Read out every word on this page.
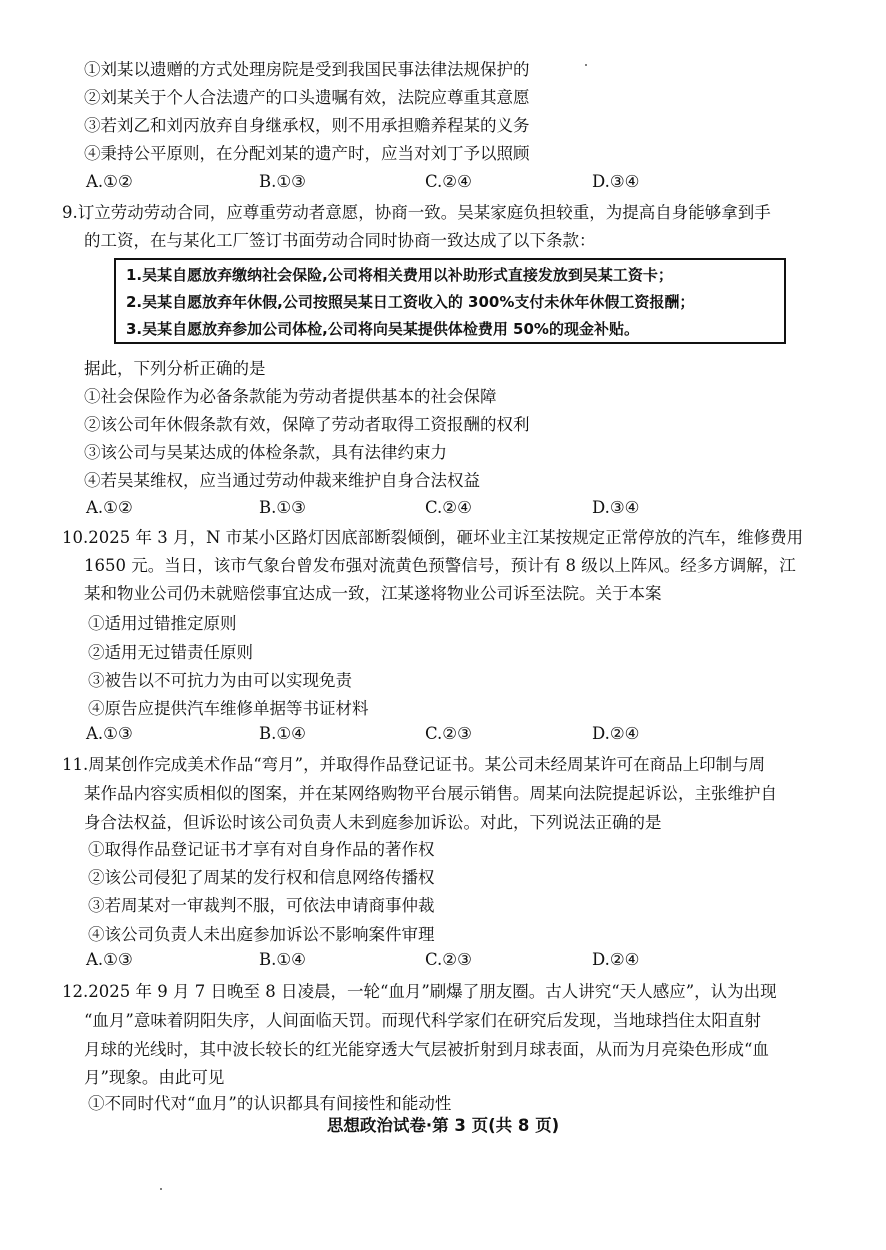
①刘某以遗赠的方式处理房院是受到我国民事法律法规保护的
②刘某关于个人合法遗产的口头遗嘱有效，法院应尊重其意愿
③若刘乙和刘丙放弃自身继承权，则不用承担赡养程某的义务
④秉持公平原则，在分配刘某的遗产时，应当对刘丁予以照顾
A.①②	B.①③	C.②④	D.③④
9.订立劳动劳动合同，应尊重劳动者意愿，协商一致。吴某家庭负担较重，为提高自身能够拿到手
的工资，在与某化工厂签订书面劳动合同时协商一致达成了以下条款：
1.吴某自愿放弃缴纳社会保险,公司将相关费用以补助形式直接发放到吴某工资卡；
2.吴某自愿放弃年休假,公司按照吴某日工资收入的 300%支付未休年休假工资报酬；
3.吴某自愿放弃参加公司体检,公司将向吴某提供体检费用 50%的现金补贴。
据此，下列分析正确的是
①社会保险作为必备条款能为劳动者提供基本的社会保障
②该公司年休假条款有效，保障了劳动者取得工资报酬的权利
③该公司与吴某达成的体检条款，具有法律约束力
④若吴某维权，应当通过劳动仲裁来维护自身合法权益
A.①②	B.①③	C.②④	D.③④
10.2025 年 3 月，N 市某小区路灯因底部断裂倾倒，砸坏业主江某按规定正常停放的汽车，维修费用
1650 元。当日，该市气象台曾发布强对流黄色预警信号，预计有 8 级以上阵风。经多方调解，江
某和物业公司仍未就赔偿事宜达成一致，江某遂将物业公司诉至法院。关于本案
①适用过错推定原则
②适用无过错责任原则
③被告以不可抗力为由可以实现免责
④原告应提供汽车维修单据等书证材料
A.①③	B.①④	C.②③	D.②④
11.周某创作完成美术作品“弯月”，并取得作品登记证书。某公司未经周某许可在商品上印制与周
某作品内容实质相似的图案，并在某网络购物平台展示销售。周某向法院提起诉讼，主张维护自
身合法权益，但诉讼时该公司负责人未到庭参加诉讼。对此，下列说法正确的是
①取得作品登记证书才享有对自身作品的著作权
②该公司侵犯了周某的发行权和信息网络传播权
③若周某对一审裁判不服，可依法申请商事仲裁
④该公司负责人未出庭参加诉讼不影响案件审理
A.①③	B.①④	C.②③	D.②④
12.2025 年 9 月 7 日晚至 8 日凌晨，一轮“血月”刷爆了朋友圈。古人讲究“天人感应”，认为出现
“血月”意味着阴阳失序，人间面临天罚。而现代科学家们在研究后发现，当地球挡住太阳直射
月球的光线时，其中波长较长的红光能穿透大气层被折射到月球表面，从而为月亮染色形成“血
月”现象。由此可见
①不同时代对“血月”的认识都具有间接性和能动性
思想政治试卷·第 3 页(共 8 页)
